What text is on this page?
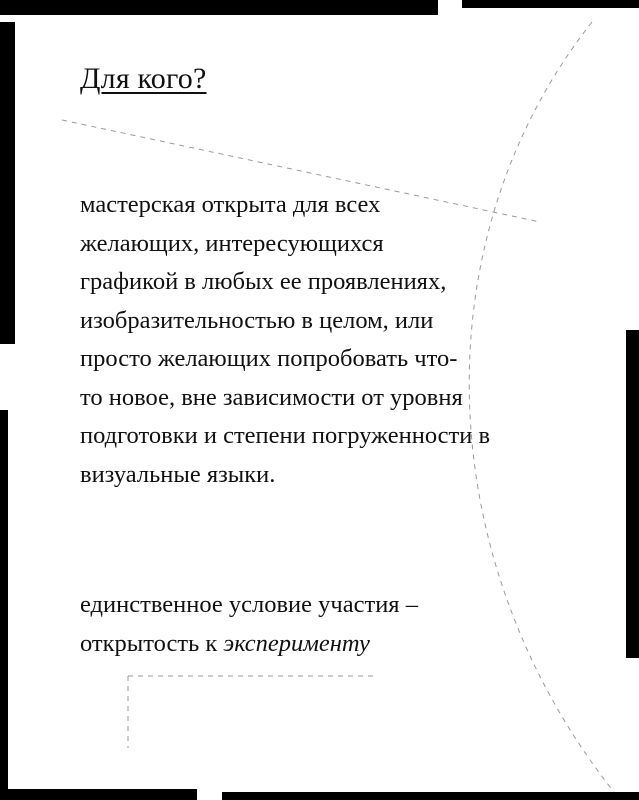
Для кого?

мастерская открыта для всех
желающих, интересующихся
графикой в любых ее проявлениях,
изобразительностью в целом, или
просто желающих попробовать что-
то новое, вне зависимости от уровня
подготовки и степени погруженности в
визуальные языки.

единственное условие участия –
открытость к эксперименту
